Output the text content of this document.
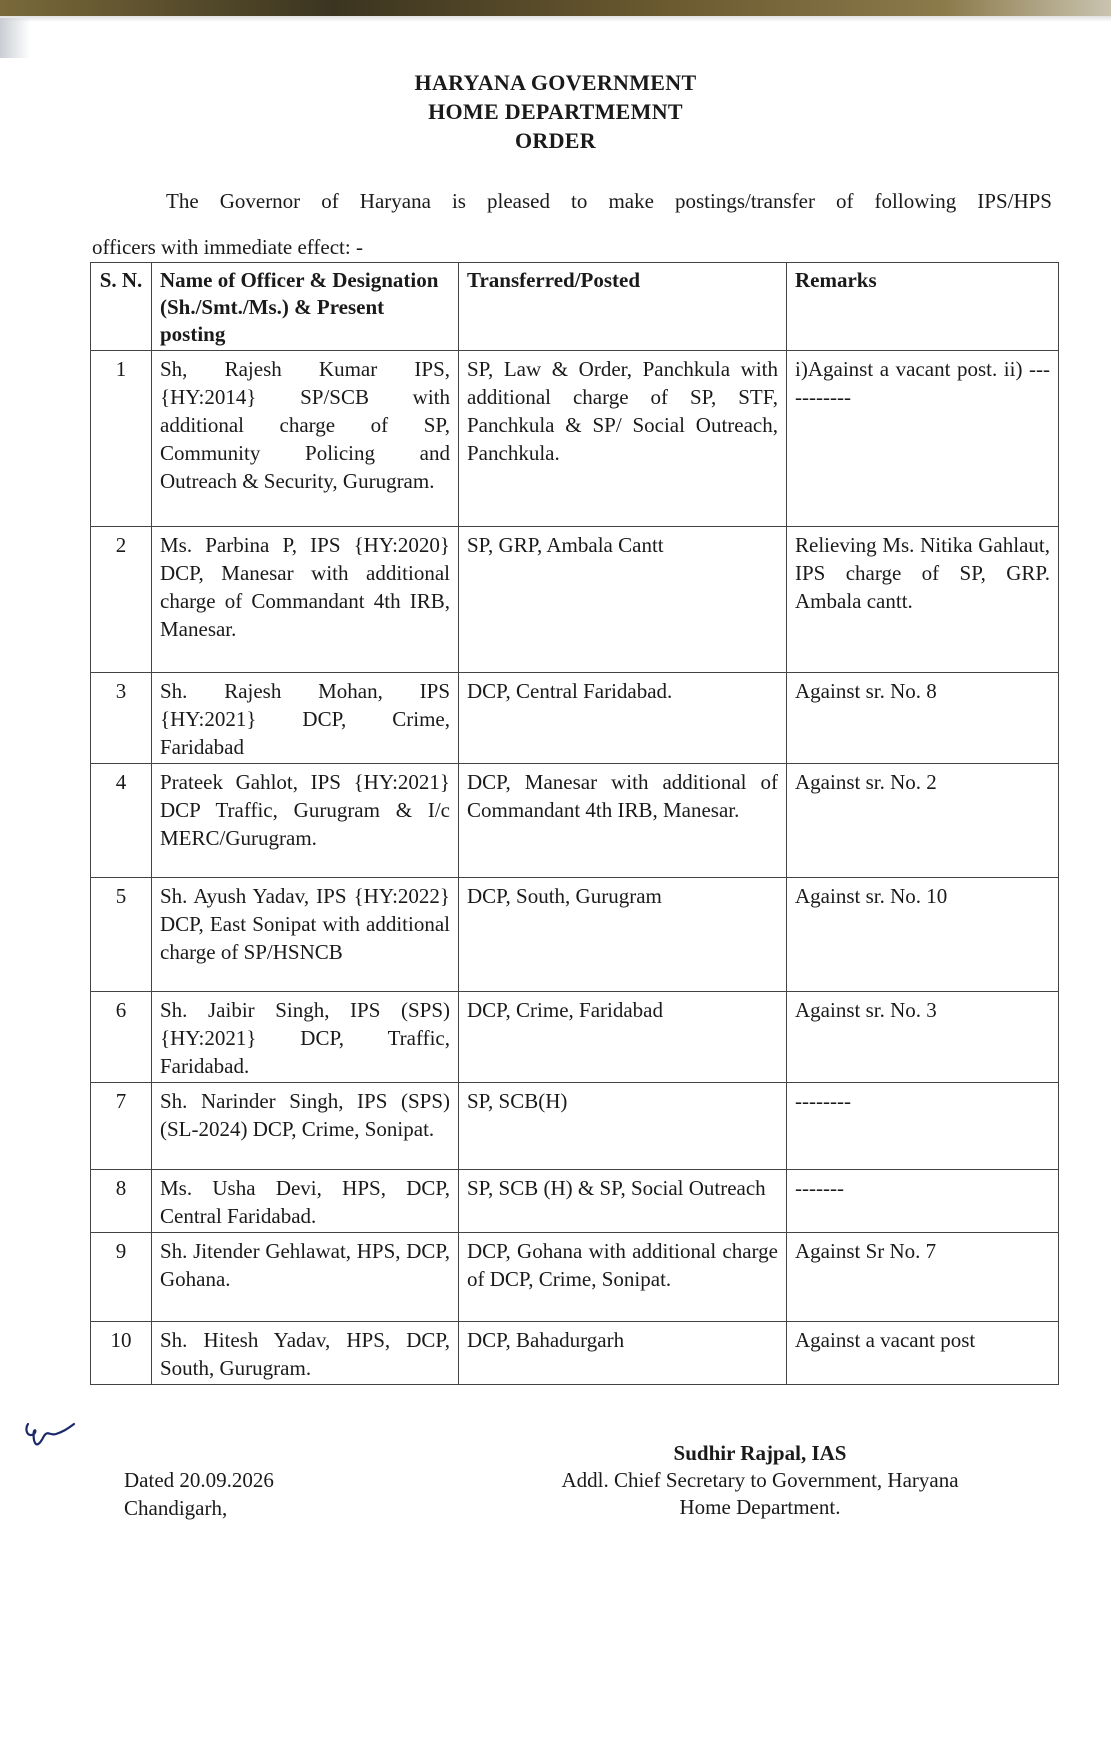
HARYANA GOVERNMENT
HOME DEPARTMEMNT
ORDER
The Governor of Haryana is pleased to make postings/transfer of following IPS/HPS
officers with immediate effect: -
S. N.	Name of Officer & Designation (Sh./Smt./Ms.) & Present posting	Transferred/Posted	Remarks
1	Sh, Rajesh Kumar IPS, {HY:2014} SP/SCB with additional charge of SP, Community Policing and Outreach & Security, Gurugram.	SP, Law & Order, Panchkula with additional charge of SP, STF, Panchkula & SP/ Social Outreach, Panchkula.	i)Against a vacant post. ii) -----------
2	Ms. Parbina P, IPS {HY:2020} DCP, Manesar with additional charge of Commandant 4th IRB, Manesar.	SP, GRP, Ambala Cantt	Relieving Ms. Nitika Gahlaut, IPS charge of SP, GRP. Ambala cantt.
3	Sh. Rajesh Mohan, IPS {HY:2021} DCP, Crime, Faridabad	DCP, Central Faridabad.	Against sr. No. 8
4	Prateek Gahlot, IPS {HY:2021} DCP Traffic, Gurugram & I/c MERC/Gurugram.	DCP, Manesar with additional of Commandant 4th IRB, Manesar.	Against sr. No. 2
5	Sh. Ayush Yadav, IPS {HY:2022} DCP, East Sonipat with additional charge of SP/HSNCB	DCP, South, Gurugram	Against sr. No. 10
6	Sh. Jaibir Singh, IPS (SPS) {HY:2021} DCP, Traffic, Faridabad.	DCP, Crime, Faridabad	Against sr. No. 3
7	Sh. Narinder Singh, IPS (SPS) (SL-2024) DCP, Crime, Sonipat.	SP, SCB(H)	--------
8	Ms. Usha Devi, HPS, DCP, Central Faridabad.	SP, SCB (H) & SP, Social Outreach	-------
9	Sh. Jitender Gehlawat, HPS, DCP, Gohana.	DCP, Gohana with additional charge of DCP, Crime, Sonipat.	Against Sr No. 7
10	Sh. Hitesh Yadav, HPS, DCP, South, Gurugram.	DCP, Bahadurgarh	Against a vacant post
Dated 20.09.2026
Chandigarh,
Sudhir Rajpal, IAS
Addl. Chief Secretary to Government, Haryana
Home Department.
